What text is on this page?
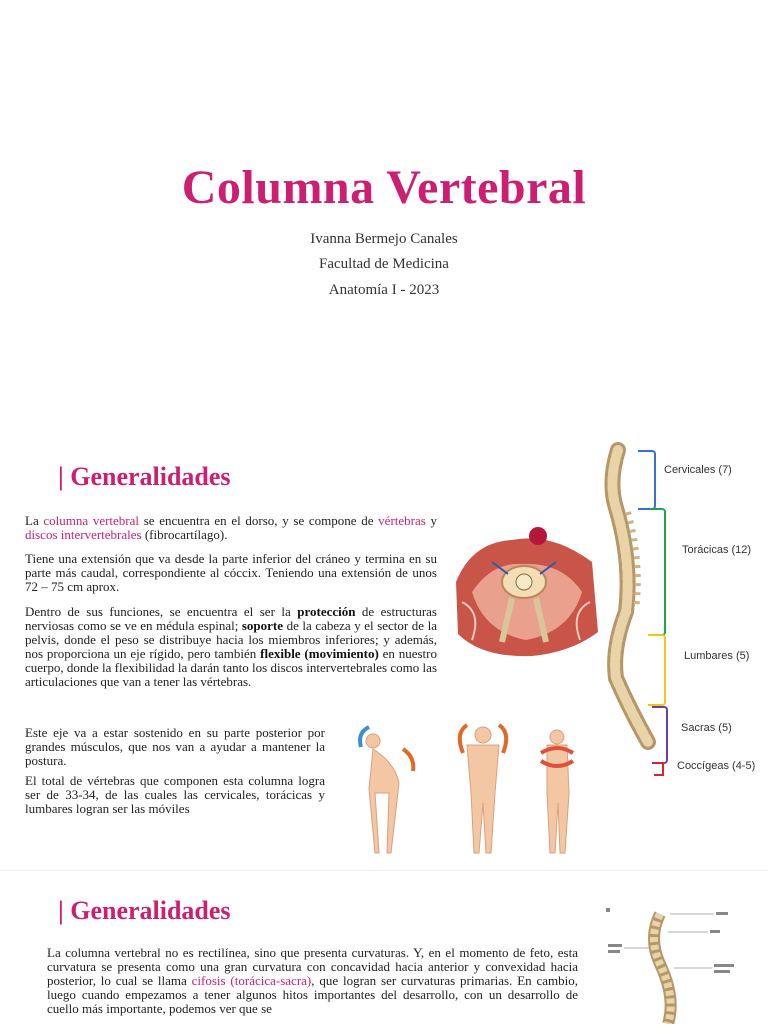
Columna Vertebral
Ivanna Bermejo Canales
Facultad de Medicina
Anatomía I - 2023
| Generalidades
La columna vertebral se encuentra en el dorso, y se compone de vértebras y discos intervertebrales (fibrocartílago).
Tiene una extensión que va desde la parte inferior del cráneo y termina en su parte más caudal, correspondiente al cóccix. Teniendo una extensión de unos 72 – 75 cm aprox.
Dentro de sus funciones, se encuentra el ser la protección de estructuras nerviosas como se ve en médula espinal; soporte de la cabeza y el sector de la pelvis, donde el peso se distribuye hacia los miembros inferiores; y además, nos proporciona un eje rígido, pero también flexible (movimiento) en nuestro cuerpo, donde la flexibilidad la darán tanto los discos intervertebrales como las articulaciones que van a tener las vértebras.
Este eje va a estar sostenido en su parte posterior por grandes músculos, que nos van a ayudar a mantener la postura.
El total de vértebras que componen esta columna logra ser de 33-34, de las cuales las cervicales, torácicas y lumbares logran ser las móviles
Cervicales (7)
Torácicas (12)
Lumbares (5)
Sacras (5)
Coccígeas (4-5)
| Generalidades
La columna vertebral no es rectilínea, sino que presenta curvaturas. Y, en el momento de feto, esta curvatura se presenta como una gran curvatura con concavidad hacia anterior y convexidad hacia posterior, lo cual se llama cifosis (torácica-sacra), que logran ser curvaturas primarias. En cambio, luego cuando empezamos a tener algunos hitos importantes del desarrollo, con un desarrollo de cuello más importante, podemos ver que se
